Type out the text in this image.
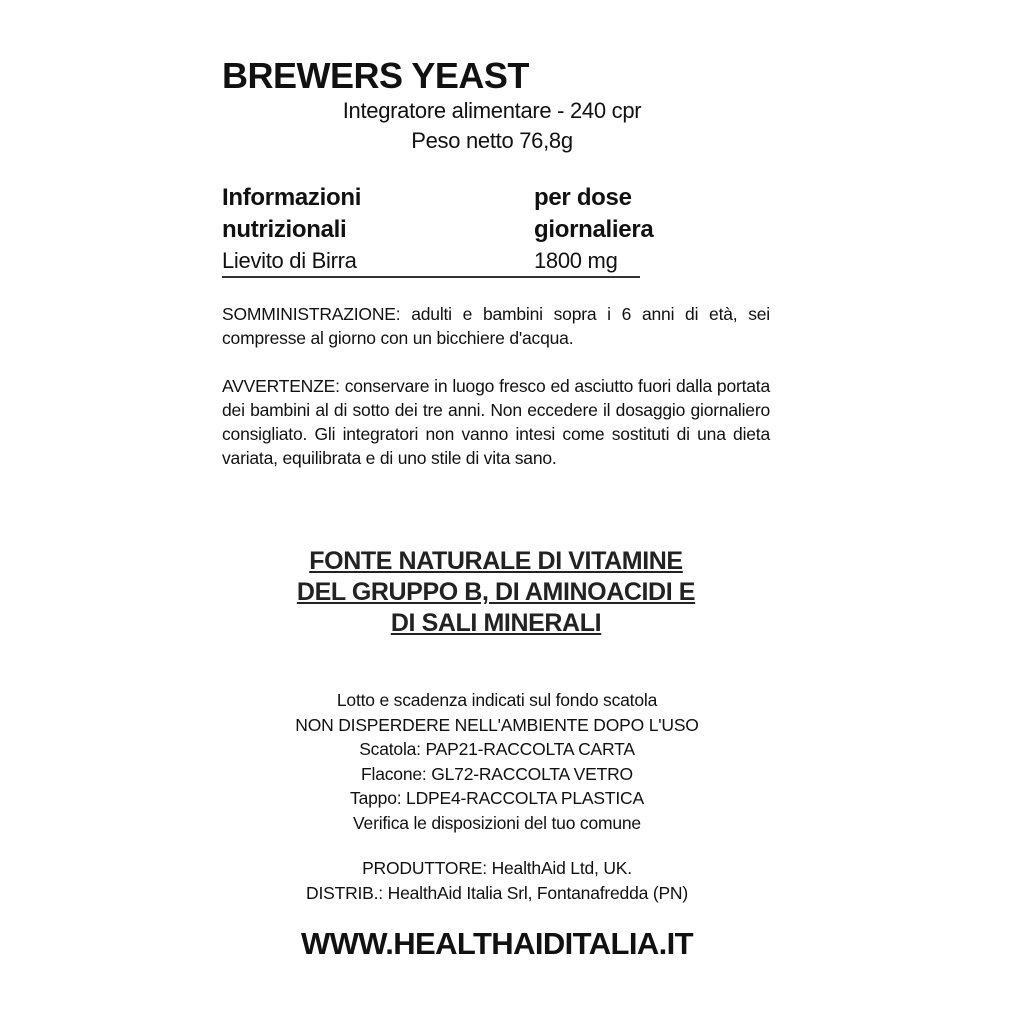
BREWERS YEAST
Integratore alimentare - 240 cpr
Peso netto 76,8g
Informazioni
nutrizionali
per dose
giornaliera
Lievito di Birra	1800 mg

SOMMINISTRAZIONE: adulti e bambini sopra i 6 anni di età, sei compresse al giorno con un bicchiere d'acqua.

AVVERTENZE: conservare in luogo fresco ed asciutto fuori dalla portata dei bambini al di sotto dei tre anni. Non eccedere il dosaggio giornaliero consigliato. Gli integratori non vanno intesi come sostituti di una dieta variata, equilibrata e di uno stile di vita sano.

FONTE NATURALE DI VITAMINE
DEL GRUPPO B, DI AMINOACIDI E
DI SALI MINERALI
Lotto e scadenza indicati sul fondo scatola
NON DISPERDERE NELL'AMBIENTE DOPO L'USO
Scatola: PAP21-RACCOLTA CARTA
Flacone: GL72-RACCOLTA VETRO
Tappo: LDPE4-RACCOLTA PLASTICA
Verifica le disposizioni del tuo comune
PRODUTTORE: HealthAid Ltd, UK.
DISTRIB.: HealthAid Italia Srl, Fontanafredda (PN)
WWW.HEALTHAIDITALIA.IT
